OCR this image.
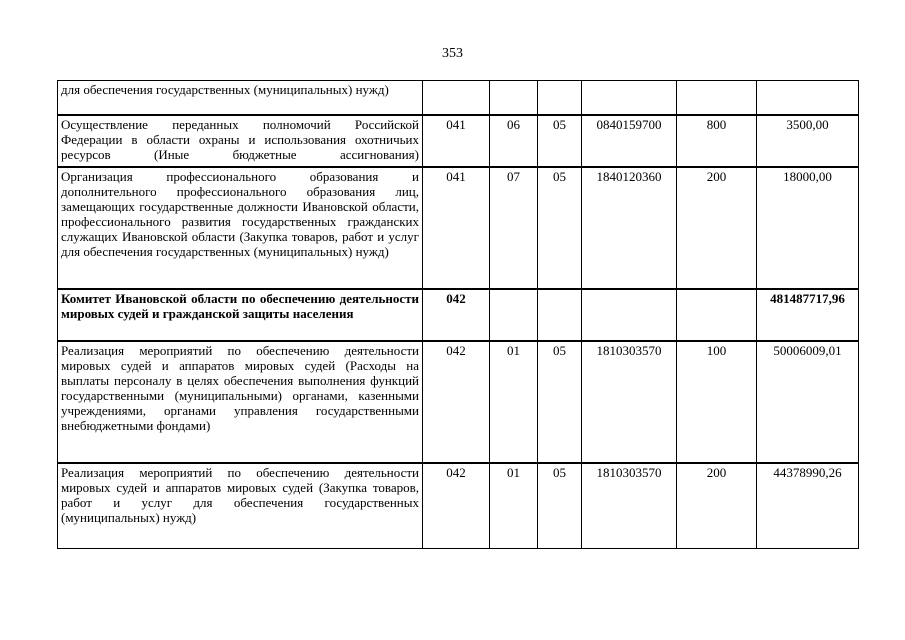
353
для обеспечения государственных (муниципальных) нужд)						
Осуществление переданных полномочий Российской Федерации в области охраны и использования охотничьих ресурсов (Иные бюджетные ассигнования)	041	06	05	0840159700	800	3500,00
Организация профессионального образования и дополнительного профессионального образования лиц, замещающих государственные должности Ивановской области, профессионального развития государственных гражданских служащих Ивановской области (Закупка товаров, работ и услуг для обеспечения государственных (муниципальных) нужд)	041	07	05	1840120360	200	18000,00
Комитет Ивановской области по обеспечению деятельности мировых судей и гражданской защиты населения	042					481487717,96
Реализация мероприятий по обеспечению деятельности мировых судей и аппаратов мировых судей (Расходы на выплаты персоналу в целях обеспечения выполнения функций государственными (муниципальными) органами, казенными учреждениями, органами управления государственными внебюджетными фондами)	042	01	05	1810303570	100	50006009,01
Реализация мероприятий по обеспечению деятельности мировых судей и аппаратов мировых судей (Закупка товаров, работ и услуг для обеспечения государственных (муниципальных) нужд)	042	01	05	1810303570	200	44378990,26
